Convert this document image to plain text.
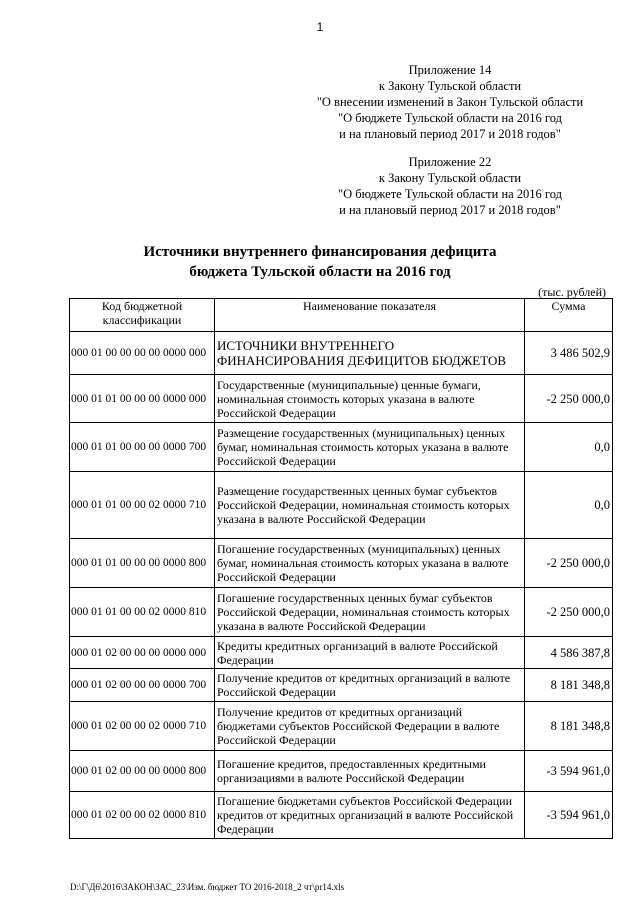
1
Приложение 14
к Закону Тульской области
"О внесении изменений в Закон Тульской области
"О бюджете Тульской области на 2016 год
и на плановый период 2017 и 2018 годов"
Приложение 22
к Закону Тульской области
"О бюджете Тульской области на 2016 год
и на плановый период 2017 и 2018 годов"
Источники внутреннего финансирования дефицита
бюджета Тульской области на 2016 год
(тыс. рублей)
Код бюджетной классификации	Наименование показателя	Сумма
000 01 00 00 00 00 0000 000	ИСТОЧНИКИ ВНУТРЕННЕГО ФИНАНСИРОВАНИЯ ДЕФИЦИТОВ БЮДЖЕТОВ	3 486 502,9
000 01 01 00 00 00 0000 000	Государственные (муниципальные) ценные бумаги, номинальная стоимость которых указана в валюте Российской Федерации	-2 250 000,0
000 01 01 00 00 00 0000 700	Размещение государственных (муниципальных) ценных бумаг, номинальная стоимость которых указана в валюте Российской Федерации	0,0
000 01 01 00 00 02 0000 710	Размещение государственных ценных бумаг субъектов Российской Федерации, номинальная стоимость которых указана в валюте Российской Федерации	0,0
000 01 01 00 00 00 0000 800	Погашение государственных (муниципальных) ценных бумаг, номинальная стоимость которых указана в валюте Российской Федерации	-2 250 000,0
000 01 01 00 00 02 0000 810	Погашение государственных ценных бумаг субъектов Российской Федерации, номинальная стоимость которых указана в валюте Российской Федерации	-2 250 000,0
000 01 02 00 00 00 0000 000	Кредиты кредитных организаций в валюте Российской Федерации	4 586 387,8
000 01 02 00 00 00 0000 700	Получение кредитов от кредитных организаций в валюте Российской Федерации	8 181 348,8
000 01 02 00 00 02 0000 710	Получение кредитов от кредитных организаций бюджетами субъектов Российской Федерации в валюте Российской Федерации	8 181 348,8
000 01 02 00 00 00 0000 800	Погашение кредитов, предоставленных кредитными организациями в валюте Российской Федерации	-3 594 961,0
000 01 02 00 00 02 0000 810	Погашение бюджетами субъектов Российской Федерации кредитов от кредитных организаций в валюте Российской Федерации	-3 594 961,0
D:\Г\Д6\2016\ЗАКОН\ЗАС_23\Изм. бюджет ТО 2016-2018_2 чт\pr14.xls
